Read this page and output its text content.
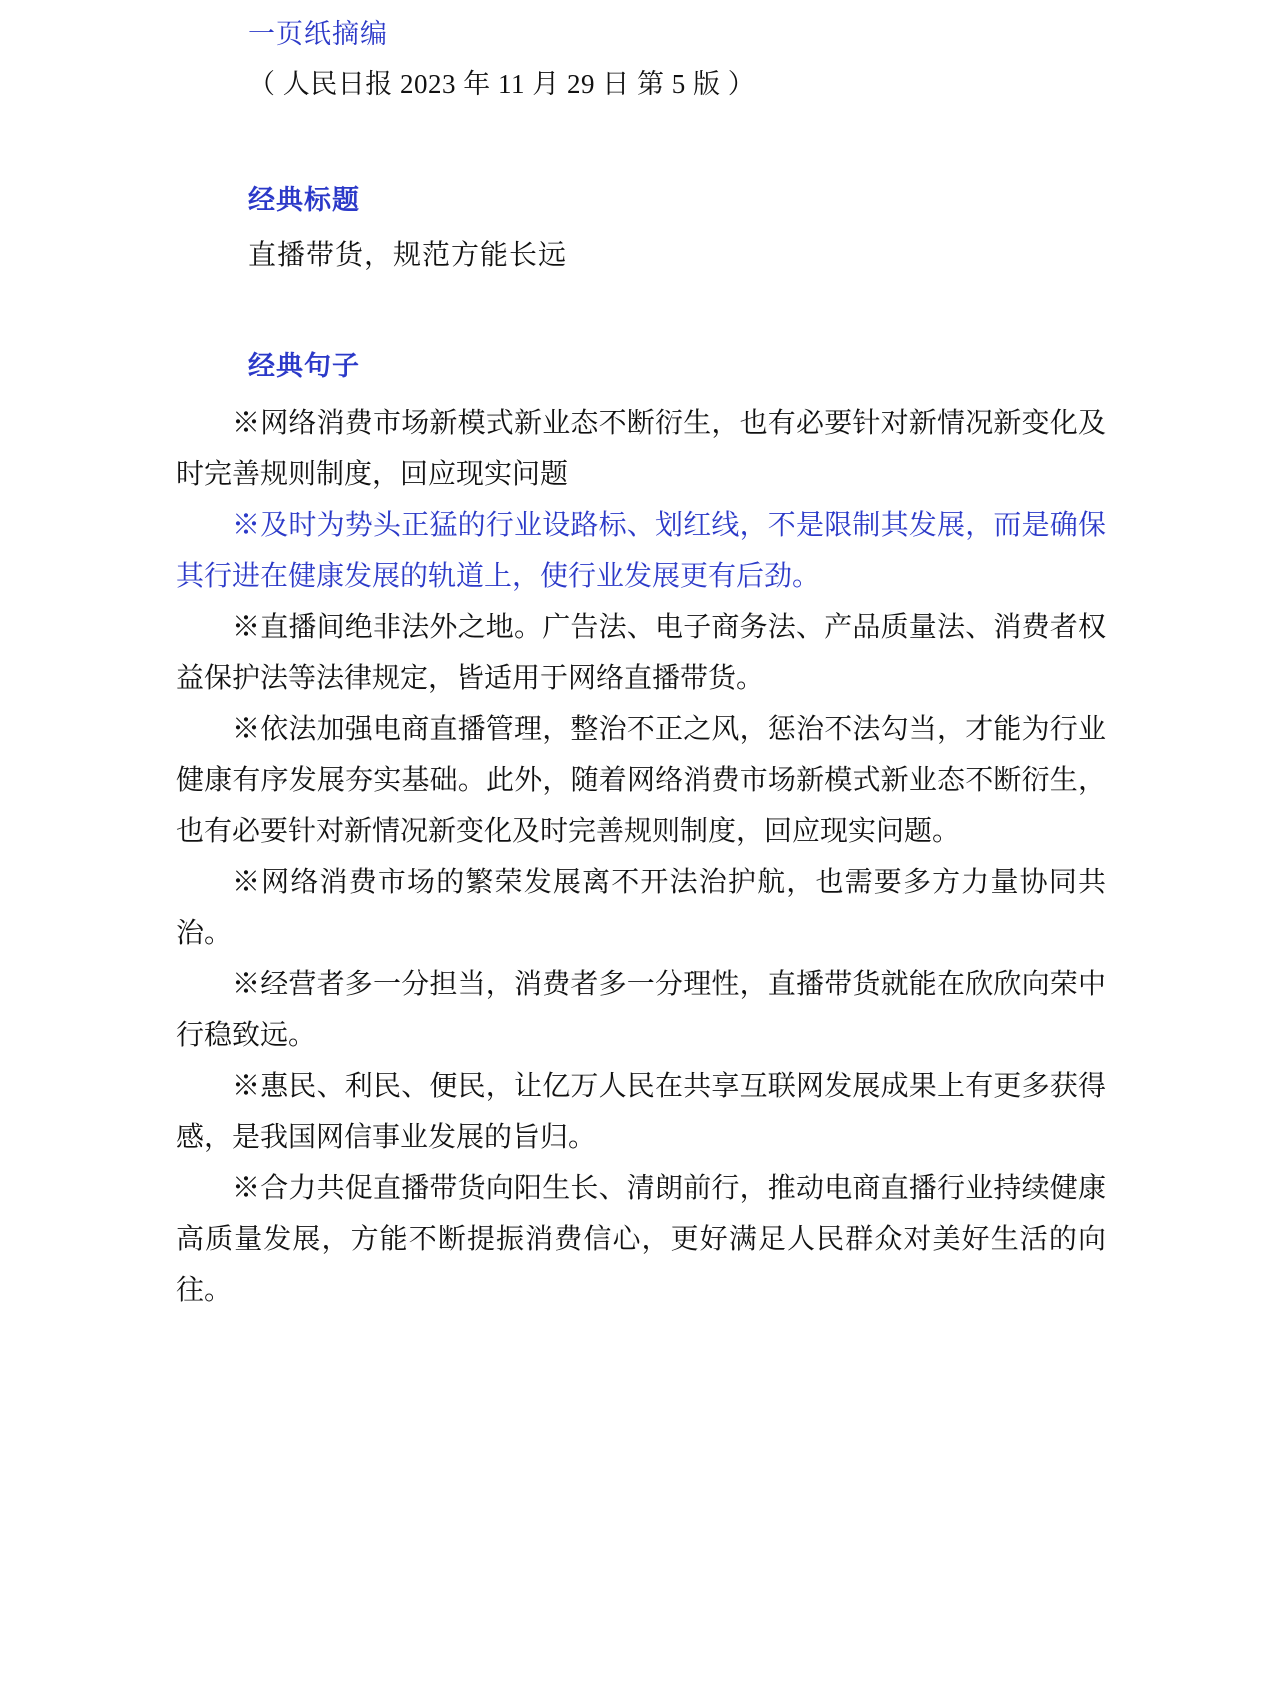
一页纸摘编
（ 人民日报 2023 年 11 月 29 日 第 5 版 ）
经典标题
直播带货，规范方能长远
经典句子

※网络消费市场新模式新业态不断衍生，也有必要针对新情况新变化及时完善规则制度，回应现实问题

※及时为势头正猛的行业设路标、划红线，不是限制其发展，而是确保其行进在健康发展的轨道上，使行业发展更有后劲。

※直播间绝非法外之地。广告法、电子商务法、产品质量法、消费者权益保护法等法律规定，皆适用于网络直播带货。

※依法加强电商直播管理，整治不正之风，惩治不法勾当，才能为行业健康有序发展夯实基础。此外，随着网络消费市场新模式新业态不断衍生，也有必要针对新情况新变化及时完善规则制度，回应现实问题。

※网络消费市场的繁荣发展离不开法治护航，也需要多方力量协同共治。

※经营者多一分担当，消费者多一分理性，直播带货就能在欣欣向荣中行稳致远。

※惠民、利民、便民，让亿万人民在共享互联网发展成果上有更多获得感，是我国网信事业发展的旨归。

※合力共促直播带货向阳生长、清朗前行，推动电商直播行业持续健康高质量发展，方能不断提振消费信心，更好满足人民群众对美好生活的向往。
